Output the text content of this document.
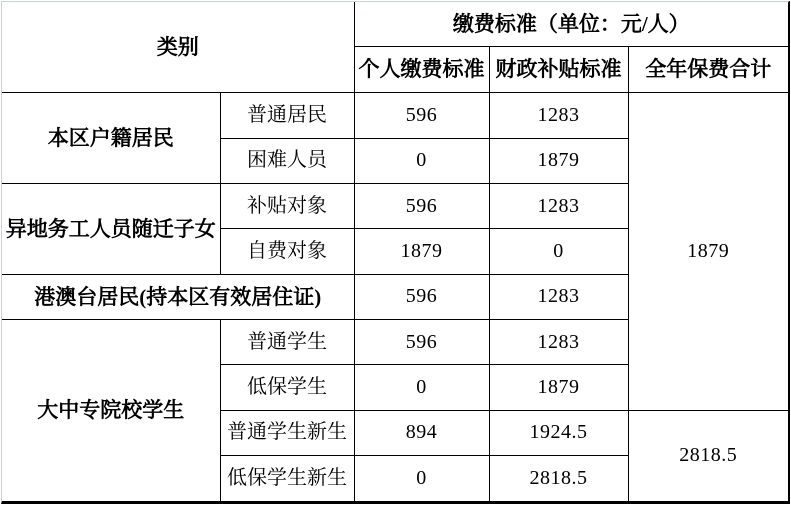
类别		缴费标准（单位：元/人）		
		个人缴费标准	财政补贴标准	全年保费合计
本区户籍居民	普通居民	596	1283	1879
	困难人员	0	1879	
异地务工人员随迁子女	补贴对象	596	1283	
	自费对象	1879	0	
港澳台居民(持本区有效居住证)		596	1283	
大中专院校学生	普通学生	596	1283	
	低保学生	0	1879	
	普通学生新生	894	1924.5	2818.5
	低保学生新生	0	2818.5	
